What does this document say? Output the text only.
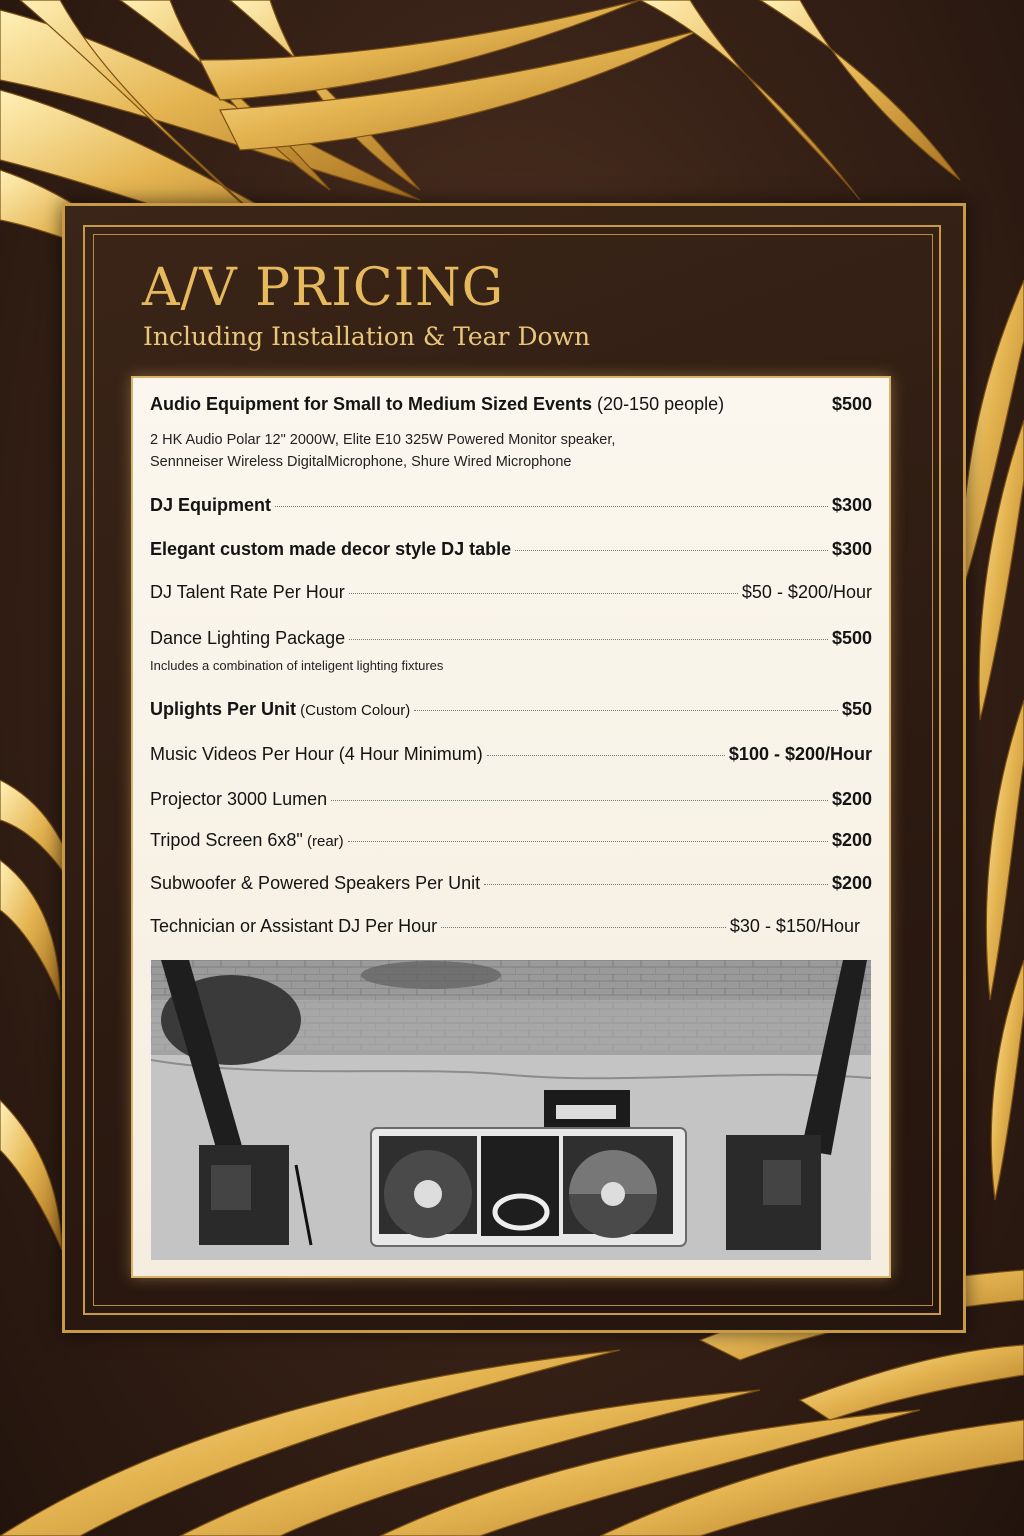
A/V PRICING

Including Installation & Tear Down

Audio Equipment for Small to Medium Sized Events (20-150 people)	$500
2 HK Audio Polar 12" 2000W, Elite E10 325W Powered Monitor speaker,
Sennneiser Wireless DigitalMicrophone, Shure Wired Microphone
DJ Equipment	$300
Elegant custom made decor style DJ table	$300
DJ Talent Rate Per Hour	$50 - $200/Hour
Dance Lighting Package	$500
Includes a combination of inteligent lighting fixtures
Uplights Per Unit (Custom Colour)	$50
Music Videos Per Hour (4 Hour Minimum)	$100 - $200/Hour
Projector 3000 Lumen	$200
Tripod Screen 6x8" (rear)	$200
Subwoofer & Powered Speakers Per Unit	$200
Technician or Assistant DJ Per Hour	$30 - $150/Hour
